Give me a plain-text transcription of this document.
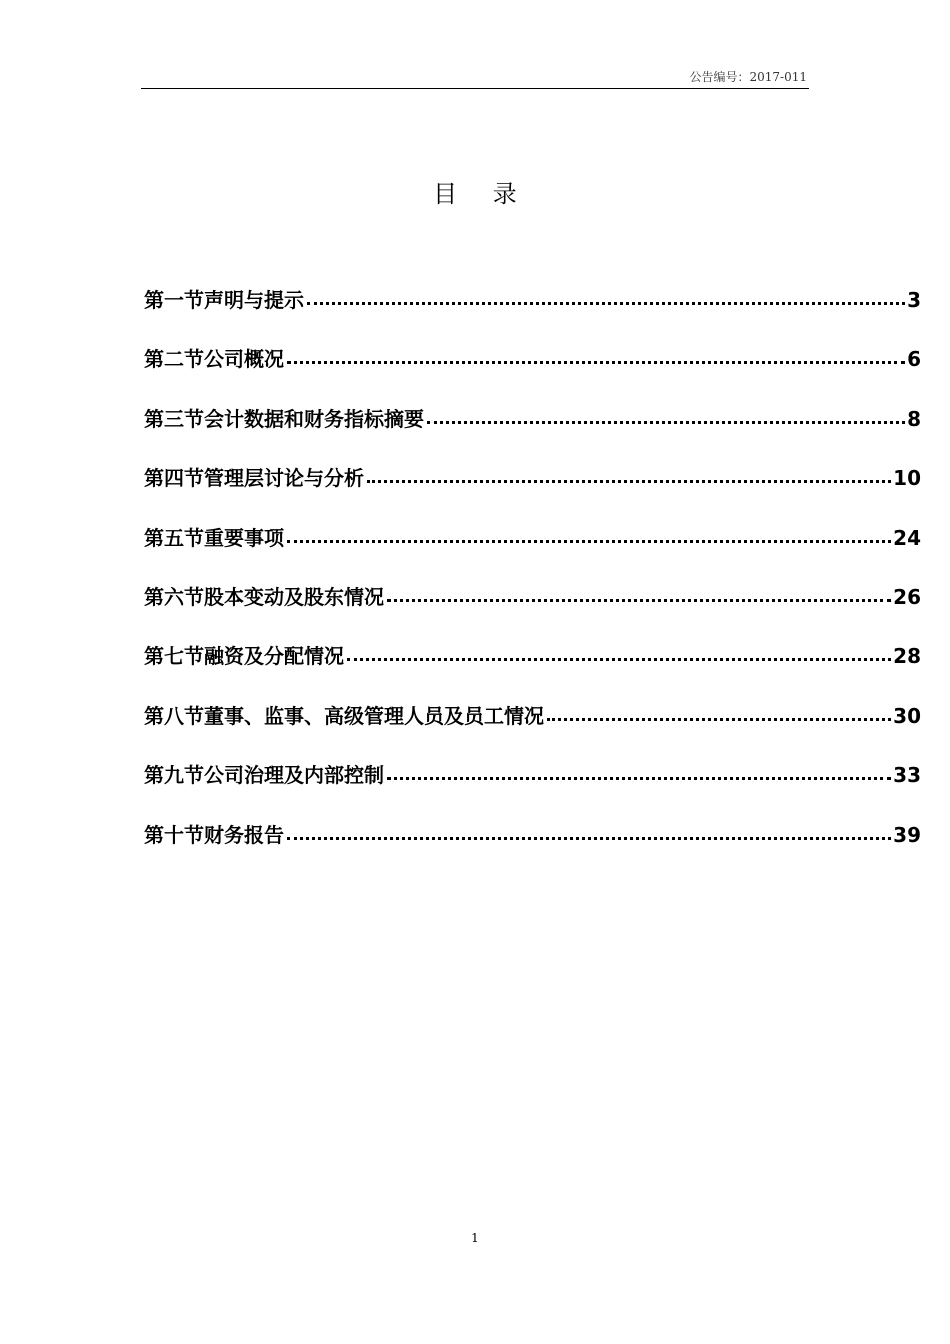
公告编号：2017-011
目 录
第一节声明与提示	3
第二节公司概况	6
第三节会计数据和财务指标摘要	8
第四节管理层讨论与分析	10
第五节重要事项	24
第六节股本变动及股东情况	26
第七节融资及分配情况	28
第八节董事、监事、高级管理人员及员工情况	30
第九节公司治理及内部控制	33
第十节财务报告	39
1
